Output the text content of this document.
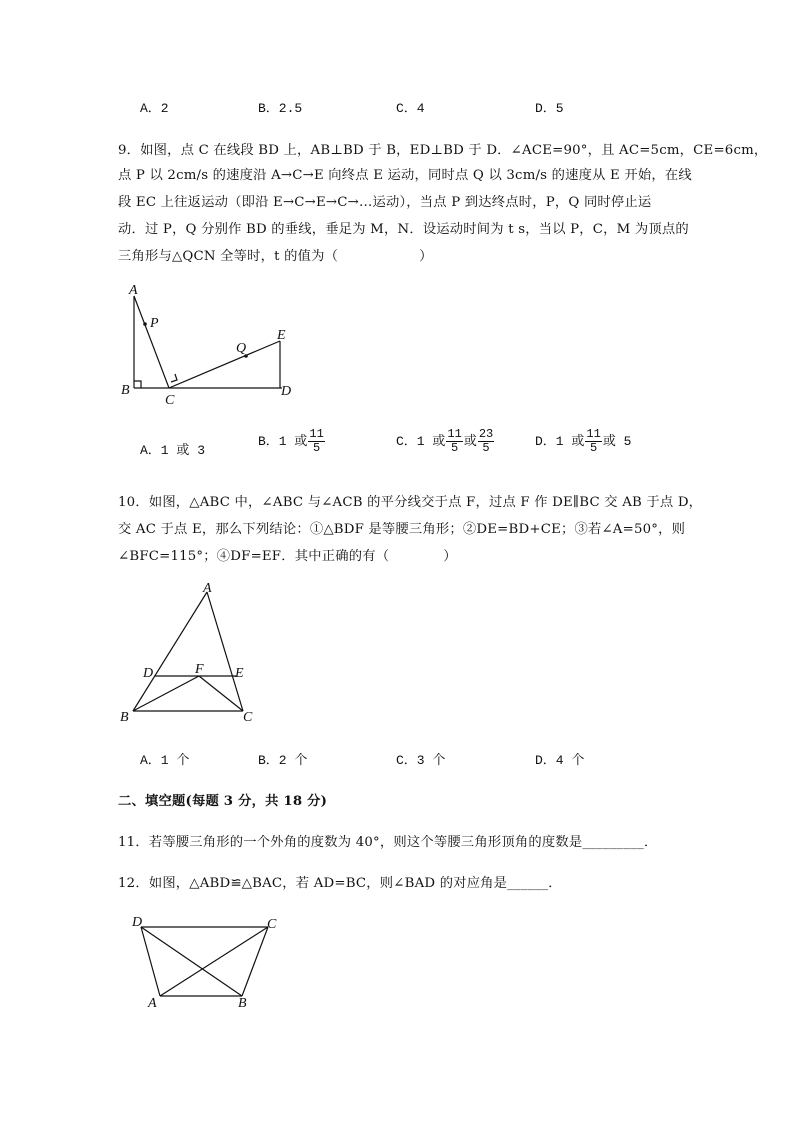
A．2	B．2.5	C．4	D．5
9．如图，点 C 在线段 BD 上，AB⊥BD 于 B，ED⊥BD 于 D．∠ACE=90°，且 AC=5cm，CE=6cm，
点 P 以 2cm/s 的速度沿 A→C→E 向终点 E 运动，同时点 Q 以 3cm/s 的速度从 E 开始，在线
段 EC 上往返运动（即沿 E→C→E→C→…运动），当点 P 到达终点时，P，Q 同时停止运
动．过 P，Q 分别作 BD 的垂线，垂足为 M，N．设运动时间为 t s，当以 P，C，M 为顶点的
三角形与△QCN 全等时，t 的值为（　　　　　　）
A
P
Q
E
B
C
D
A．1 或 3
B．1 或 $\frac{11}{5}$	C．1 或 $\frac{11}{5}$ 或 $\frac{23}{5}$	D．1 或 $\frac{11}{5}$ 或 5
10．如图，△ABC 中，∠ABC 与∠ACB 的平分线交于点 F，过点 F 作 DE∥BC 交 AB 于点 D，
交 AC 于点 E，那么下列结论：①△BDF 是等腰三角形；②DE=BD+CE；③若∠A=50°，则
∠BFC=115°；④DF=EF．其中正确的有（　　　　）
A
D	F E
B	C
A．1 个	B．2 个	C．3 个	D．4 个
二、填空题(每题 3 分，共 18 分)
11．若等腰三角形的一个外角的度数为 40°，则这个等腰三角形顶角的度数是_________．
12．如图，△ABD≌△BAC，若 AD=BC，则∠BAD 的对应角是______．
D	C
A	B
